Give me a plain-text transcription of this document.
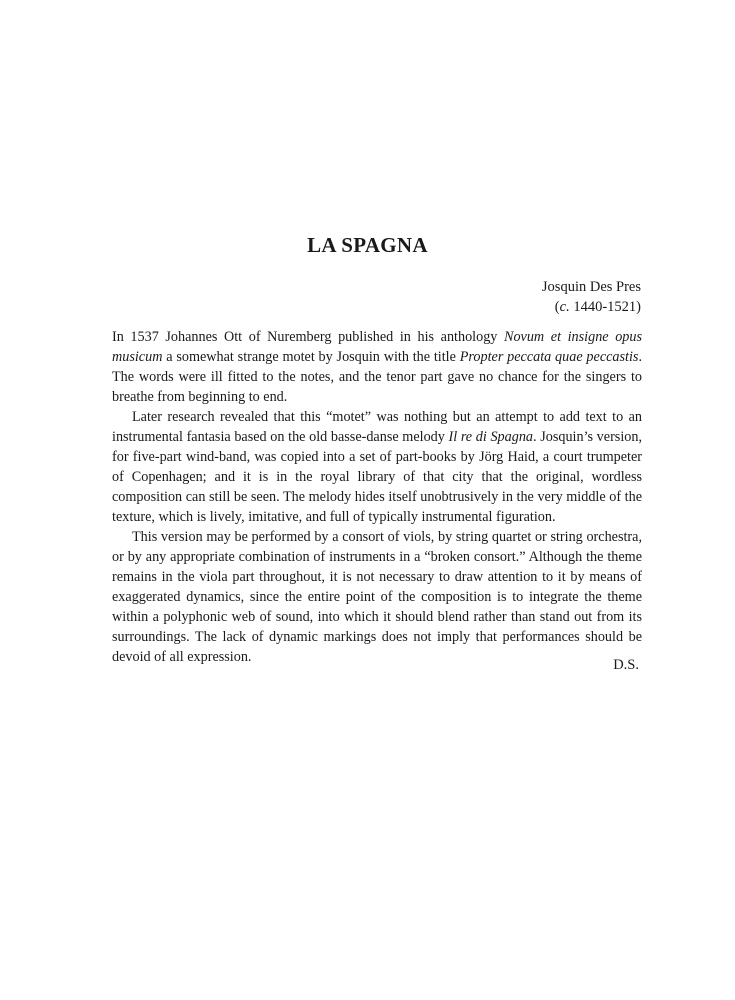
LA SPAGNA
Josquin Des Pres
(c. 1440-1521)

In 1537 Johannes Ott of Nuremberg published in his anthology Novum et insigne opus musicum a somewhat strange motet by Josquin with the title Propter peccata quae peccastis. The words were ill fitted to the notes, and the tenor part gave no chance for the singers to breathe from beginning to end.

Later research revealed that this “motet” was nothing but an attempt to add text to an instrumental fantasia based on the old basse-danse melody Il re di Spagna. Josquin’s version, for five-part wind-band, was copied into a set of part-books by Jörg Haid, a court trumpeter of Copenhagen; and it is in the royal library of that city that the original, wordless composition can still be seen. The melody hides itself unobtrusively in the very middle of the texture, which is lively, imitative, and full of typically instrumental figuration.

This version may be performed by a consort of viols, by string quartet or string orchestra, or by any appropriate combination of instruments in a “broken consort.” Although the theme remains in the viola part throughout, it is not necessary to draw attention to it by means of exaggerated dynamics, since the entire point of the composition is to integrate the theme within a polyphonic web of sound, into which it should blend rather than stand out from its surroundings. The lack of dynamic markings does not imply that performances should be devoid of all expression.	D.S.
